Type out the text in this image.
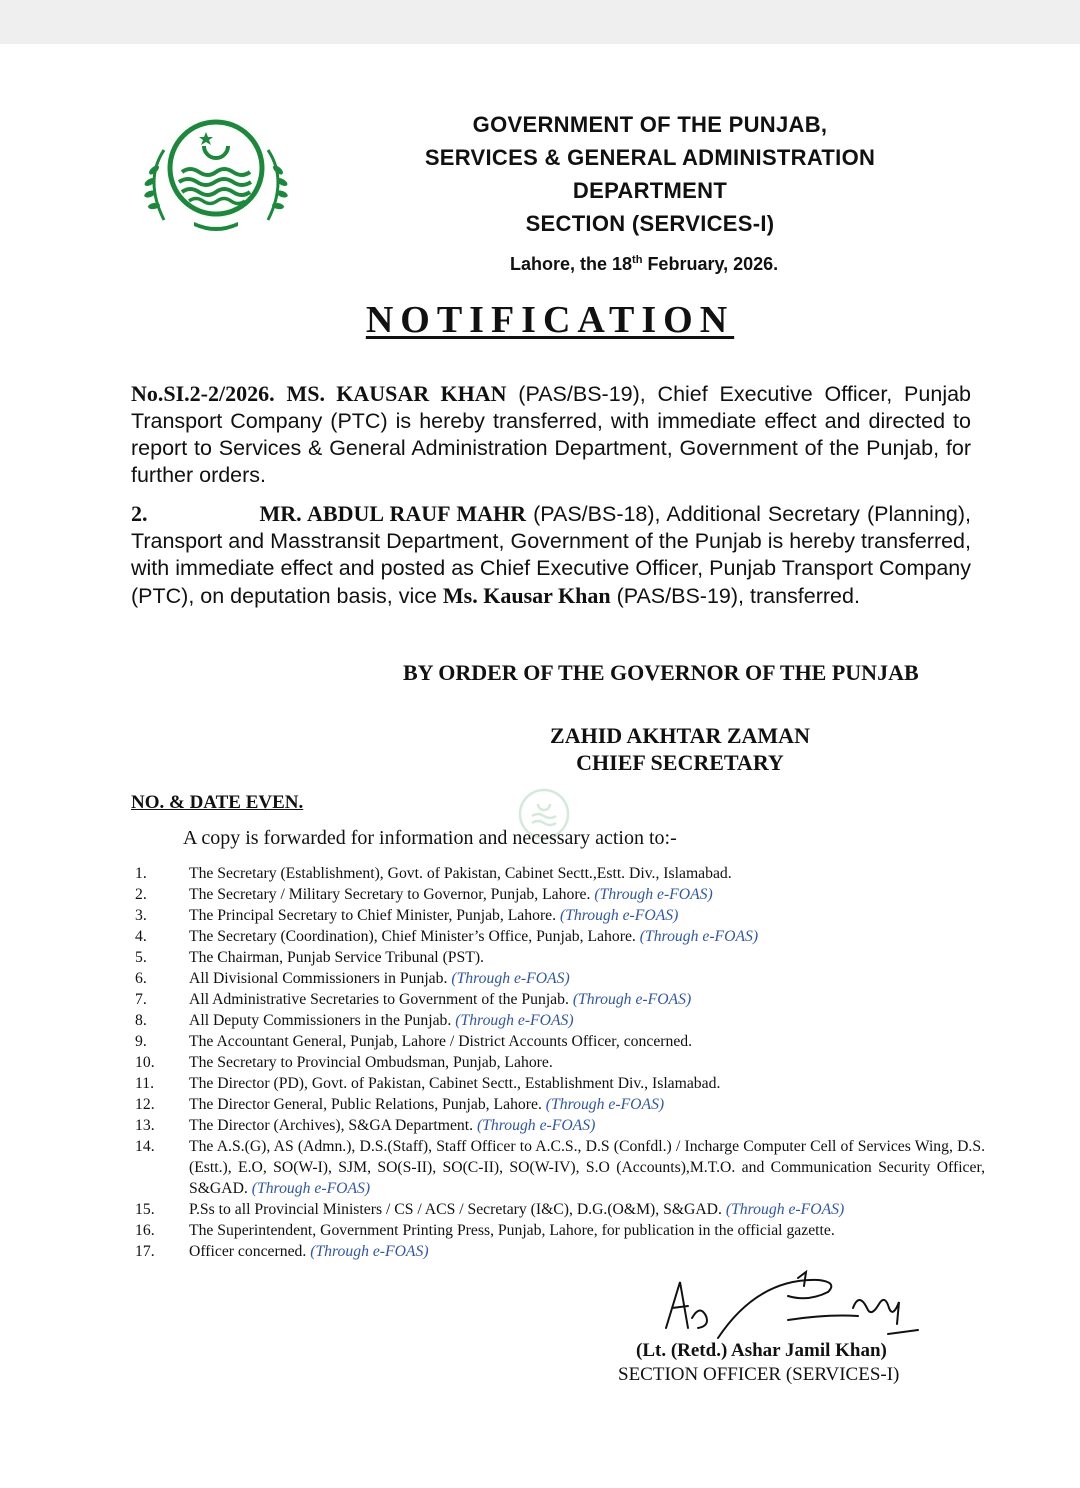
GOVERNMENT OF THE PUNJAB,
SERVICES & GENERAL ADMINISTRATION
DEPARTMENT
SECTION (SERVICES-I)
Lahore, the 18th February, 2026.
NOTIFICATION
No.SI.2-2/2026. MS. KAUSAR KHAN (PAS/BS-19), Chief Executive Officer, Punjab Transport Company (PTC) is hereby transferred, with immediate effect and directed to report to Services & General Administration Department, Government of the Punjab, for further orders.
2.	MR. ABDUL RAUF MAHR (PAS/BS-18), Additional Secretary (Planning), Transport and Masstransit Department, Government of the Punjab is hereby transferred, with immediate effect and posted as Chief Executive Officer, Punjab Transport Company (PTC), on deputation basis, vice Ms. Kausar Khan (PAS/BS-19), transferred.
BY ORDER OF THE GOVERNOR OF THE PUNJAB
ZAHID AKHTAR ZAMAN
CHIEF SECRETARY
NO. & DATE EVEN.
A copy is forwarded for information and necessary action to:-
1.	The Secretary (Establishment), Govt. of Pakistan, Cabinet Sectt.,Estt. Div., Islamabad.
2.	The Secretary / Military Secretary to Governor, Punjab, Lahore. (Through e-FOAS)
3.	The Principal Secretary to Chief Minister, Punjab, Lahore. (Through e-FOAS)
4.	The Secretary (Coordination), Chief Minister’s Office, Punjab, Lahore. (Through e-FOAS)
5.	The Chairman, Punjab Service Tribunal (PST).
6.	All Divisional Commissioners in Punjab. (Through e-FOAS)
7.	All Administrative Secretaries to Government of the Punjab. (Through e-FOAS)
8.	All Deputy Commissioners in the Punjab. (Through e-FOAS)
9.	The Accountant General, Punjab, Lahore / District Accounts Officer, concerned.
10.	The Secretary to Provincial Ombudsman, Punjab, Lahore.
11.	The Director (PD), Govt. of Pakistan, Cabinet Sectt., Establishment Div., Islamabad.
12.	The Director General, Public Relations, Punjab, Lahore. (Through e-FOAS)
13.	The Director (Archives), S&GA Department. (Through e-FOAS)
14.	The A.S.(G), AS (Admn.), D.S.(Staff), Staff Officer to A.C.S., D.S (Confdl.) / Incharge Computer Cell of Services Wing, D.S.(Estt.), E.O, SO(W-I), SJM, SO(S-II), SO(C-II), SO(W-IV), S.O (Accounts),M.T.O. and Communication Security Officer, S&GAD. (Through e-FOAS)
15.	P.Ss to all Provincial Ministers / CS / ACS / Secretary (I&C), D.G.(O&M), S&GAD. (Through e-FOAS)
16.	The Superintendent, Government Printing Press, Punjab, Lahore, for publication in the official gazette.
17.	Officer concerned. (Through e-FOAS)
(Lt. (Retd.) Ashar Jamil Khan)
SECTION OFFICER (SERVICES-I)
